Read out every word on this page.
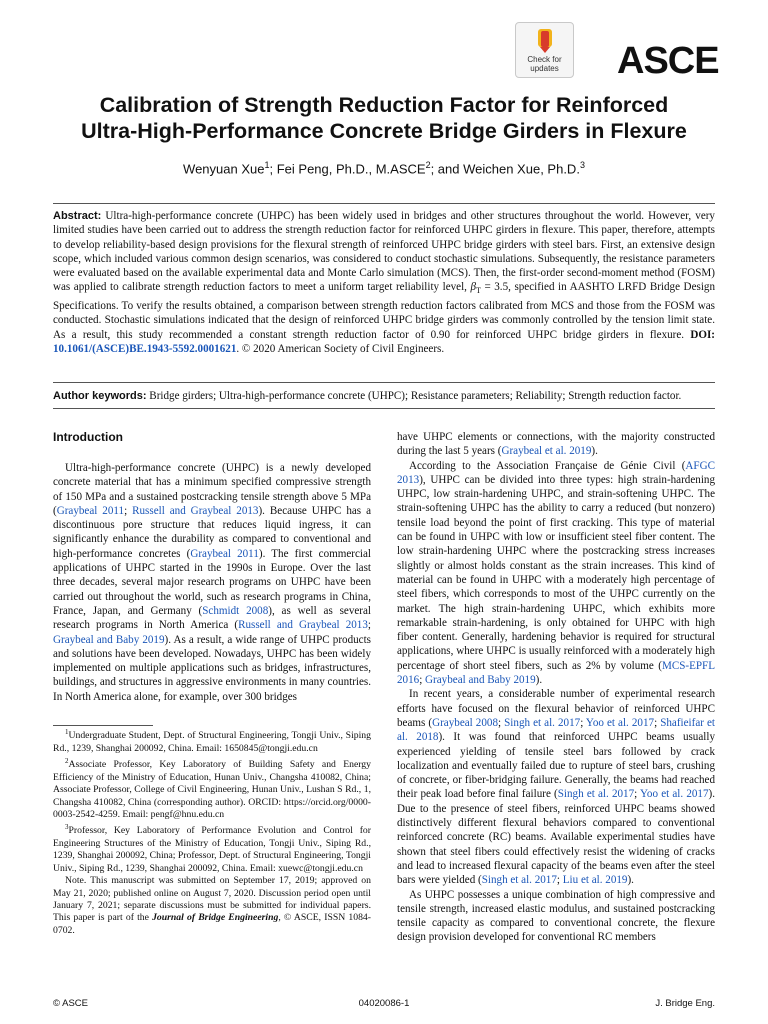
Check for
updates	ASCE
Calibration of Strength Reduction Factor for Reinforced
Ultra-High-Performance Concrete Bridge Girders in Flexure
Wenyuan Xue$^1$; Fei Peng, Ph.D., M.ASCE$^2$; and Weichen Xue, Ph.D.$^3$
Abstract: Ultra-high-performance concrete (UHPC) has been widely used in bridges and other structures throughout the world. However, very limited studies have been carried out to address the strength reduction factor for reinforced UHPC girders in flexure. This paper, therefore, attempts to develop reliability-based design provisions for the flexural strength of reinforced UHPC bridge girders with steel bars. First, an extensive design scope, which included various common design scenarios, was considered to conduct stochastic simulations. Subsequently, the resistance parameters were evaluated based on the available experimental data and Monte Carlo simulation (MCS). Then, the first-order second-moment method (FOSM) was applied to calibrate strength reduction factors to meet a uniform target reliability level, $\beta_T = 3.5$, specified in AASHTO LRFD Bridge Design Specifications. To verify the results obtained, a comparison between strength reduction factors calibrated from MCS and those from the FOSM was conducted. Stochastic simulations indicated that the design of reinforced UHPC bridge girders was commonly controlled by the tension limit state. As a result, this study recommended a constant strength reduction factor of 0.90 for reinforced UHPC bridge girders in flexure. DOI: 10.1061/(ASCE)BE.1943-5592.0001621. © 2020 American Society of Civil Engineers.
Author keywords: Bridge girders; Ultra-high-performance concrete (UHPC); Resistance parameters; Reliability; Strength reduction factor.
Introduction

Ultra-high-performance concrete (UHPC) is a newly developed concrete material that has a minimum specified compressive strength of 150 MPa and a sustained postcracking tensile strength above 5 MPa (Graybeal 2011; Russell and Graybeal 2013). Because UHPC has a discontinuous pore structure that reduces liquid ingress, it can significantly enhance the durability as compared to conventional and high-performance concretes (Graybeal 2011). The first commercial applications of UHPC started in the 1990s in Europe. Over the last three decades, several major research programs on UHPC have been carried out throughout the world, such as research programs in China, France, Japan, and Germany (Schmidt 2008), as well as several research programs in North America (Russell and Graybeal 2013; Graybeal and Baby 2019). As a result, a wide range of UHPC products and solutions have been developed. Nowadays, UHPC has been widely implemented on multiple applications such as bridges, infrastructures, buildings, and structures in aggressive environments in many countries. In North America alone, for example, over 300 bridges

$^1$Undergraduate Student, Dept. of Structural Engineering, Tongji Univ., Siping Rd., 1239, Shanghai 200092, China. Email: 1650845@tongji.edu.cn

$^2$Associate Professor, Key Laboratory of Building Safety and Energy Efficiency of the Ministry of Education, Hunan Univ., Changsha 410082, China; Associate Professor, College of Civil Engineering, Hunan Univ., Lushan S Rd., 1, Changsha 410082, China (corresponding author). ORCID: https://orcid.org/0000-0003-2542-4259. Email: pengf@hnu.edu.cn

$^3$Professor, Key Laboratory of Performance Evolution and Control for Engineering Structures of the Ministry of Education, Tongji Univ., Siping Rd., 1239, Shanghai 200092, China; Professor, Dept. of Structural Engineering, Tongji Univ., Siping Rd., 1239, Shanghai 200092, China. Email: xuewc@tongji.edu.cn

Note. This manuscript was submitted on September 17, 2019; approved on May 21, 2020; published online on August 7, 2020. Discussion period open until January 7, 2021; separate discussions must be submitted for individual papers. This paper is part of the Journal of Bridge Engineering, © ASCE, ISSN 1084-0702.

have UHPC elements or connections, with the majority constructed during the last 5 years (Graybeal et al. 2019).

According to the Association Française de Génie Civil (AFGC 2013), UHPC can be divided into three types: high strain-hardening UHPC, low strain-hardening UHPC, and strain-softening UHPC. The strain-softening UHPC has the ability to carry a reduced (but nonzero) tensile load beyond the point of first cracking. This type of material can be found in UHPC with low or insufficient steel fiber content. The low strain-hardening UHPC where the postcracking stress increases slightly or almost holds constant as the strain increases. This kind of material can be found in UHPC with a moderately high percentage of steel fibers, which corresponds to most of the UHPC currently on the market. The high strain-hardening UHPC, which exhibits more remarkable strain-hardening, is only obtained for UHPC with high fiber content. Generally, hardening behavior is required for structural applications, where UHPC is usually reinforced with a moderately high percentage of short steel fibers, such as 2% by volume (MCS-EPFL 2016; Graybeal and Baby 2019).

In recent years, a considerable number of experimental research efforts have focused on the flexural behavior of reinforced UHPC beams (Graybeal 2008; Singh et al. 2017; Yoo et al. 2017; Shafieifar et al. 2018). It was found that reinforced UHPC beams usually experienced yielding of tensile steel bars followed by crack localization and eventually failed due to rupture of steel bars, crushing of concrete, or fiber-bridging failure. Generally, the beams had reached their peak load before final failure (Singh et al. 2017; Yoo et al. 2017). Due to the presence of steel fibers, reinforced UHPC beams showed distinctively different flexural behaviors compared to conventional reinforced concrete (RC) beams. Available experimental studies have shown that steel fibers could effectively resist the widening of cracks and lead to increased flexural capacity of the beams even after the steel bars were yielded (Singh et al. 2017; Liu et al. 2019).

As UHPC possesses a unique combination of high compressive and tensile strength, increased elastic modulus, and sustained postcracking tensile capacity as compared to conventional concrete, the flexure design provision developed for conventional RC members

© ASCE	04020086-1	J. Bridge Eng.
